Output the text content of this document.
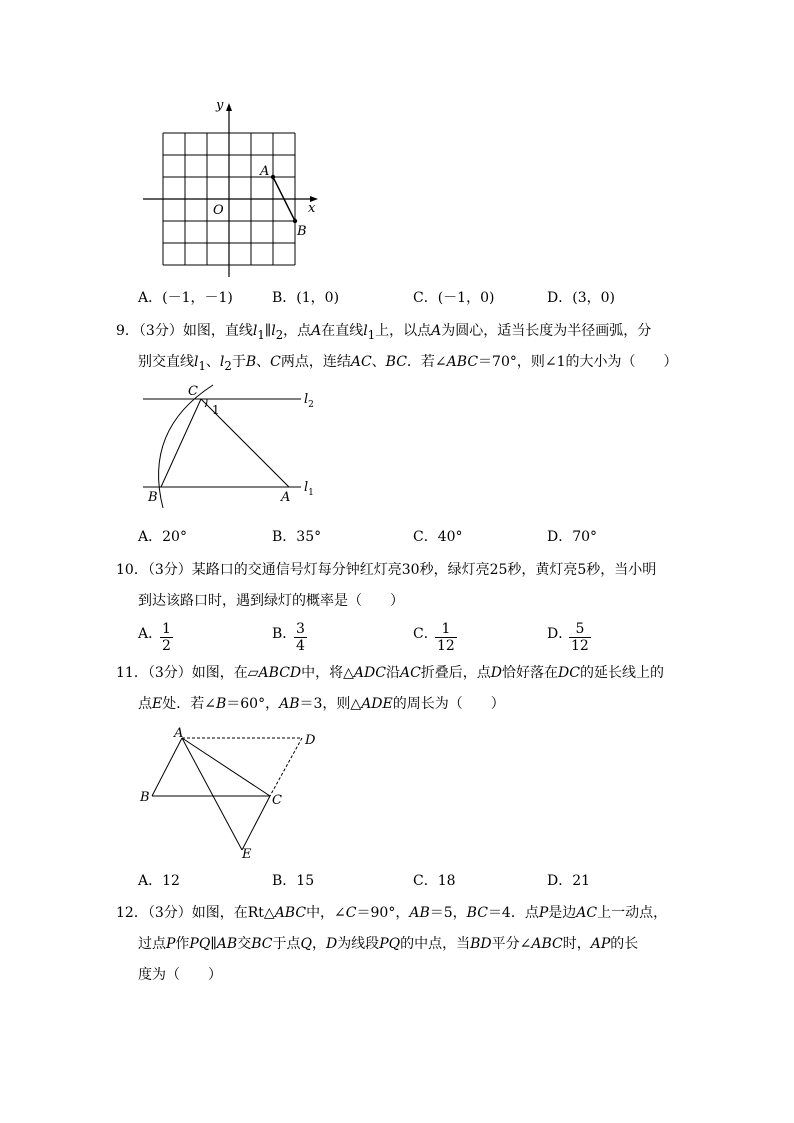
y
x
O
A
B
A．(－1，－1)	B．(1，0)	C．(－1，0)	D．(3，0)
9．（3分）如图，直线$l_1\parallel l_2$，点A在直线$l_1$上，以点A为圆心，适当长度为半径画弧，分
别交直线$l_1$、$l_2$于B、C两点，连结AC、BC．若∠ABC＝70°，则∠1的大小为（　　）
C
1
B	A
$l_2$
$l_1$
A．20°	B．35°	C．40°	D．70°
10．（3分）某路口的交通信号灯每分钟红灯亮30秒，绿灯亮25秒，黄灯亮5秒，当小明
到达该路口时，遇到绿灯的概率是（　　）
A．
$\frac{1}{2}$	B．
$\frac{3}{4}$	C．
$\frac{1}{12}$	D．
$\frac{5}{12}$
11．（3分）如图，在▱ABCD中，将△ADC沿AC折叠后，点D恰好落在DC的延长线上的
点E处．若∠B＝60°，AB＝3，则△ADE的周长为（　　）
A	D
B	C
E
A．12	B．15	C．18	D．21
12．（3分）如图，在Rt△ABC中，∠C＝90°，AB＝5，BC＝4．点P是边AC上一动点，
过点P作PQ∥AB交BC于点Q，D为线段PQ的中点，当BD平分∠ABC时，AP的长
度为（　　）
